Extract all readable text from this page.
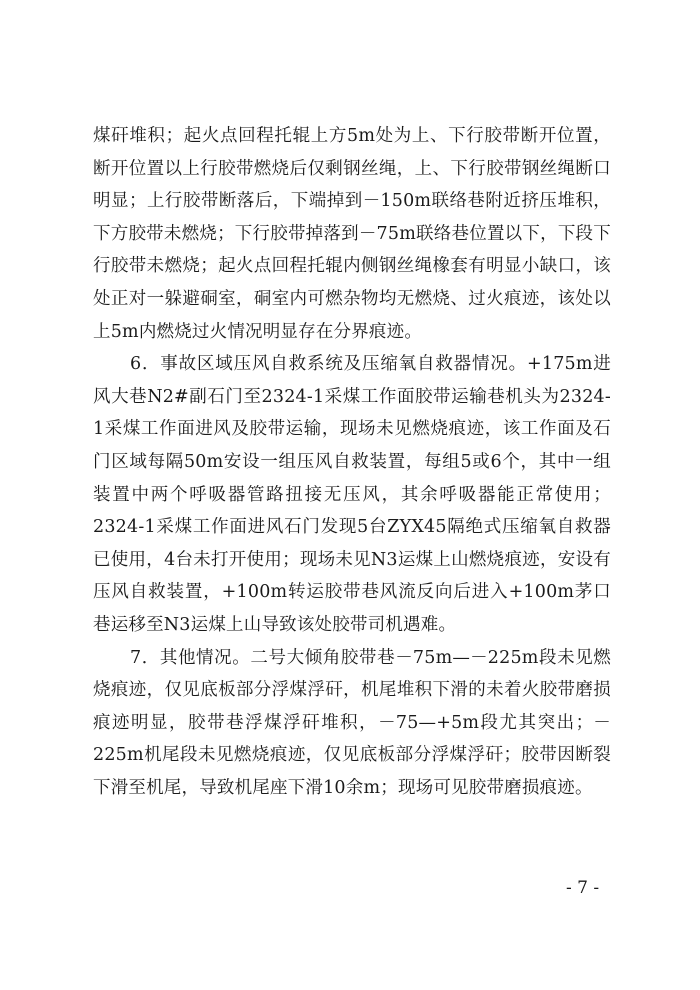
煤矸堆积；起火点回程托辊上方5m处为上、下行胶带断开位置，断开位置以上行胶带燃烧后仅剩钢丝绳，上、下行胶带钢丝绳断口明显；上行胶带断落后，下端掉到－150m联络巷附近挤压堆积，下方胶带未燃烧；下行胶带掉落到－75m联络巷位置以下，下段下行胶带未燃烧；起火点回程托辊内侧钢丝绳橡套有明显小缺口，该处正对一躲避硐室，硐室内可燃杂物均无燃烧、过火痕迹，该处以上5m内燃烧过火情况明显存在分界痕迹。

6．事故区域压风自救系统及压缩氧自救器情况。+175m进风大巷N2#副石门至2324-1采煤工作面胶带运输巷机头为2324-1采煤工作面进风及胶带运输，现场未见燃烧痕迹，该工作面及石门区域每隔50m安设一组压风自救装置，每组5或6个，其中一组装置中两个呼吸器管路扭接无压风，其余呼吸器能正常使用；2324-1采煤工作面进风石门发现5台ZYX45隔绝式压缩氧自救器已使用，4台未打开使用；现场未见N3运煤上山燃烧痕迹，安设有压风自救装置，+100m转运胶带巷风流反向后进入+100m茅口巷运移至N3运煤上山导致该处胶带司机遇难。

7．其他情况。二号大倾角胶带巷－75m—－225m段未见燃烧痕迹，仅见底板部分浮煤浮矸，机尾堆积下滑的未着火胶带磨损痕迹明显，胶带巷浮煤浮矸堆积，－75—+5m段尤其突出；－225m机尾段未见燃烧痕迹，仅见底板部分浮煤浮矸；胶带因断裂下滑至机尾，导致机尾座下滑10余m；现场可见胶带磨损痕迹。

- 7 -
